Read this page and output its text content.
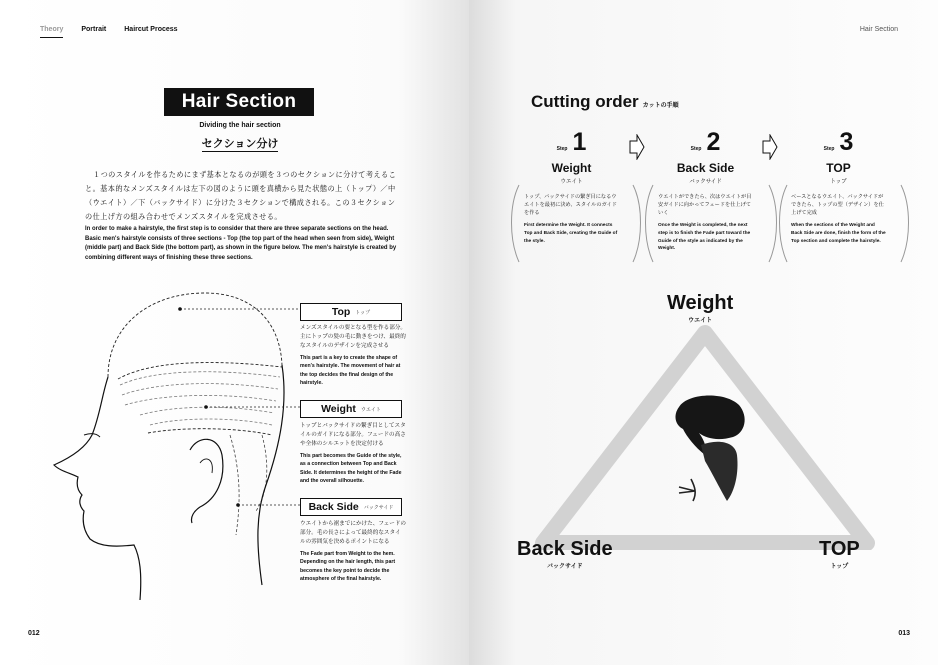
Theory	Portrait	Haircut Process
Hair Section
Dividing the hair section
セクション分け
１つのスタイルを作るためにまず基本となるのが頭を３つのセクションに分けて考えること。基本的なメンズスタイルは左下の図のように頭を真横から見た状態の上（トップ）／中（ウエイト）／下（バックサイド）に分けた３セクションで構成される。この３セクションの仕上げ方の組み合わせでメンズスタイルを完成させる。
In order to make a hairstyle, the first step is to consider that there are three separate sections on the head. Basic men's hairstyle consists of three sections - Top (the top part of the head when seen from side), Weight (middle part) and Back Side (the bottom part), as shown in the figure below. The men's hairstyle is created by combining different ways of finishing these three sections.
Top トップ
メンズスタイルの要となる型を作る部分。主にトップの髪の毛に動きをつけ、最終的なスタイルのデザインを完成させる
This part is a key to create the shape of men's hairstyle. The movement of hair at the top decides the final design of the hairstyle.
Weight ウエイト
トップとバックサイドの繋ぎ目としてスタイルのガイドになる部分。フェードの高さや全体のシルエットを決定付ける
This part becomes the Guide of the style, as a connection between Top and Back Side. It determines the height of the Fade and the overall silhouette.
Back Side バックサイド
ウエイトから裾までにかけた、フェードの部分。毛の長さによって最終的なスタイルの雰囲気を決めるポイントになる
The Fade part from Weight to the hem. Depending on the hair length, this part becomes the key point to decide the atmosphere of the final hairstyle.
012
Hair Section
Cutting order カットの手順
Step 1
Weight
ウエイト
トップ、バックサイドの繋ぎ目になるウエイトを最初に決め、スタイルのガイドを作る
First determine the Weight. It connects Top and Back Side, creating the Guide of the style.
Step 2
Back Side
バックサイド
ウエイトができたら、次はウエイトが目安ガイドに向かってフェードを仕上げていく
Once the Weight is completed, the next step is to finish the Fade part toward the Guide of the style as indicated by the Weight.
Step 3
TOP
トップ
ベースとなるウエイト、バックサイドができたら、トップの型（デザイン）を仕上げて完成
When the sections of the Weight and Back Side are done, finish the form of the Top section and complete the hairstyle.
Weight
ウエイト
Back Side
バックサイド
TOP
トップ
013
